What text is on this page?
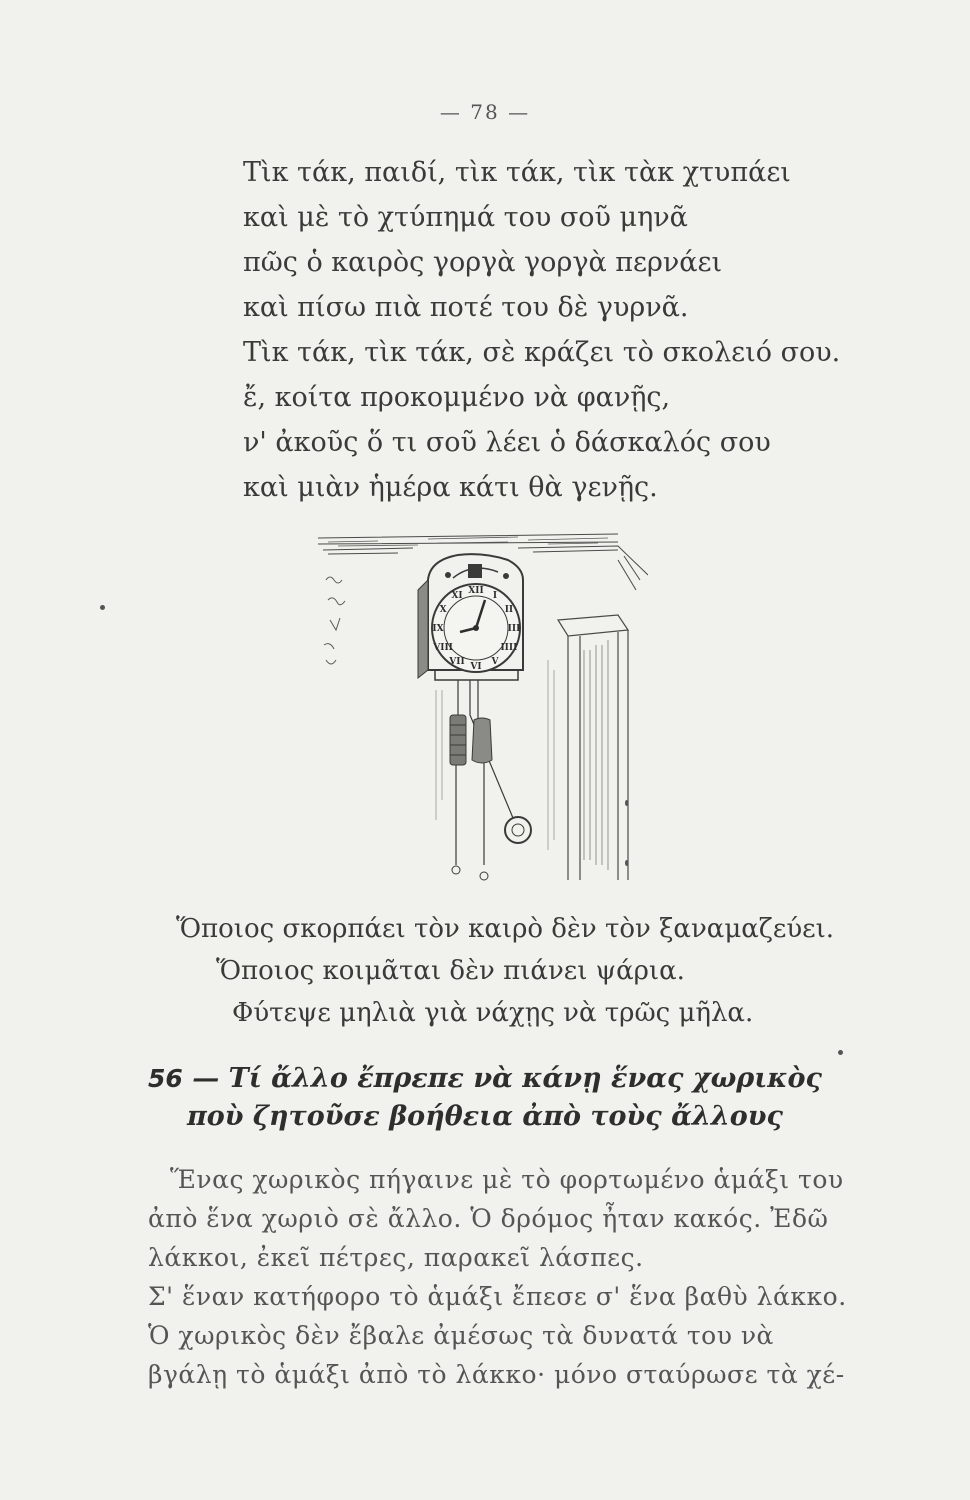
— 78 —
Τὶκ τάκ, παιδί, τὶκ τάκ, τὶκ τὰκ χτυπάει
καὶ μὲ τὸ χτύπημά του σοῦ μηνᾶ
πῶς ὁ καιρὸς γοργὰ γοργὰ περνάει
καὶ πίσω πιὰ ποτέ του δὲ γυρνᾶ.
Τὶκ τάκ, τὶκ τάκ, σὲ κράζει τὸ σκολειό σου.
ἔ, κοίτα προκομμένο νὰ φανῇς,
ν' ἀκοῦς ὅ τι σοῦ λέει ὁ δάσκαλός σου
καὶ μιὰν ἡμέρα κάτι θὰ γενῇς.
XII
I
II
III
IIII
V
VI
VII
VIII
IX
X
XI
Ὅποιος σκορπάει τὸν καιρὸ δὲν τὸν ξαναμαζεύει.
Ὅποιος κοιμᾶται δὲν πιάνει ψάρια.
Φύτεψε μηλιὰ γιὰ νάχῃς νὰ τρῶς μῆλα.
56 — Τί ἄλλο ἔπρεπε νὰ κάνῃ ἕνας χωρικὸς
ποὺ ζητοῦσε βοήθεια ἀπὸ τοὺς ἄλλους
Ἕνας χωρικὸς πήγαινε μὲ τὸ φορτωμένο ἁμάξι του
ἀπὸ ἕνα χωριὸ σὲ ἄλλο. Ὁ δρόμος ἦταν κακός. Ἐδῶ
λάκκοι, ἐκεῖ πέτρες, παρακεῖ λάσπες.
Σ' ἕναν κατήφορο τὸ ἁμάξι ἔπεσε σ' ἕνα βαθὺ λάκκο.
Ὁ χωρικὸς δὲν ἔβαλε ἀμέσως τὰ δυνατά του νὰ
βγάλῃ τὸ ἁμάξι ἀπὸ τὸ λάκκο· μόνο σταύρωσε τὰ χέ-
